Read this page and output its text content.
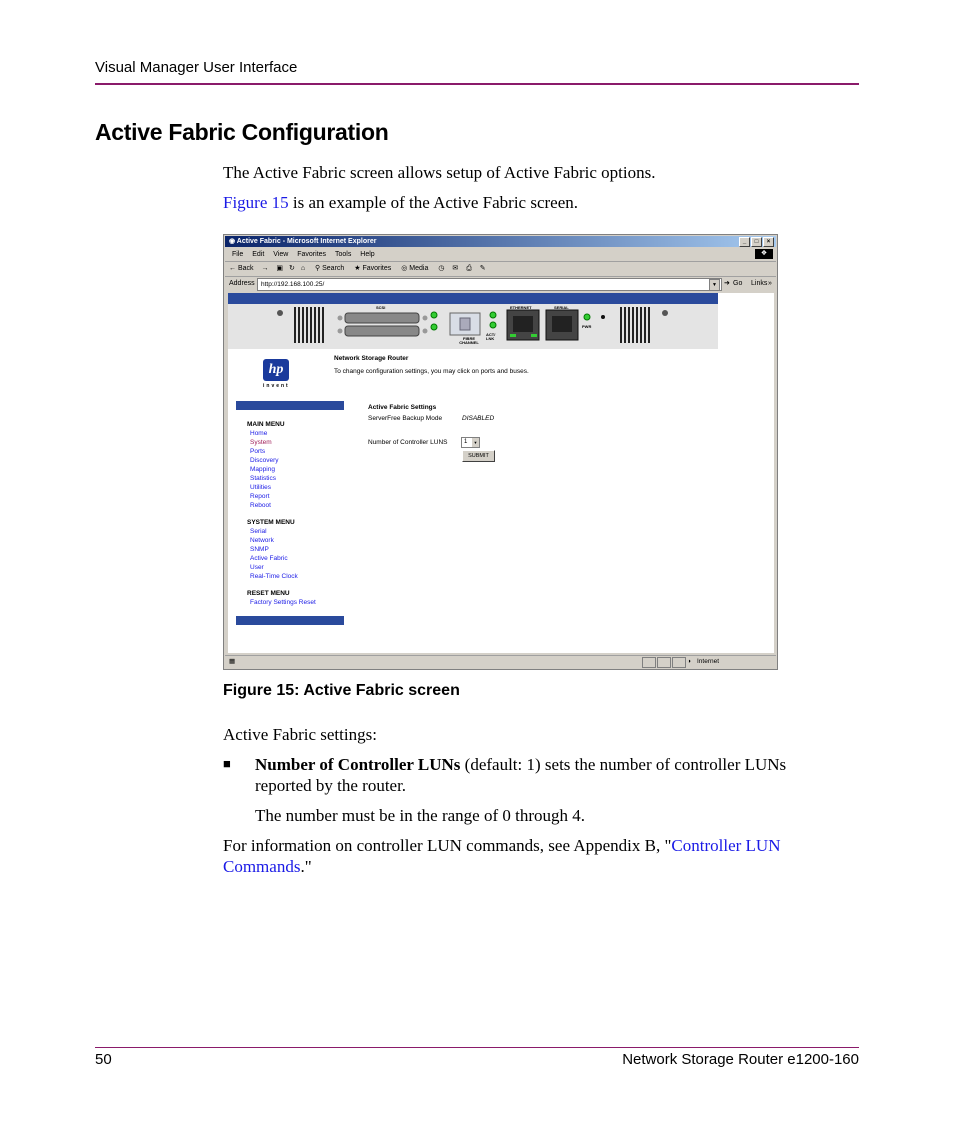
Visual Manager User Interface
Active Fabric Configuration
The Active Fabric screen allows setup of Active Fabric options.
Figure 15 is an example of the Active Fabric screen.
◉ Active Fabric - Microsoft Internet Explorer	_	□	×
File Edit View Favorites Tools Help	❖
← Back → ▣ ↻ ⌂ ⚲ Search ★ Favorites ◎ Media ◷ ✉ ⎙ ✎
Address http://192.168.100.25/	▼	➜ Go Links »
SCSI
FIBRE CHANNEL
ACT/ LNK
ETHERNET	SERIAL
PWR
hp
invent
Network Storage Router
To change configuration settings, you may click on ports and buses.
MAIN MENU
Home
System
Ports
Discovery
Mapping
Statistics
Utilities
Report
Reboot
SYSTEM MENU
Serial
Network
SNMP
Active Fabric
User
Real-Time Clock
RESET MENU
Factory Settings Reset
Active Fabric Settings
ServerFree Backup Mode	DISABLED
Number of Controller LUNS	1	▼
SUBMIT
▦	◑ Internet
Figure 15: Active Fabric screen
Active Fabric settings:
■ Number of Controller LUNs (default: 1) sets the number of controller LUNs
reported by the router.
The number must be in the range of 0 through 4.
For information on controller LUN commands, see Appendix B, "Controller LUN
Commands."
50	Network Storage Router e1200-160
